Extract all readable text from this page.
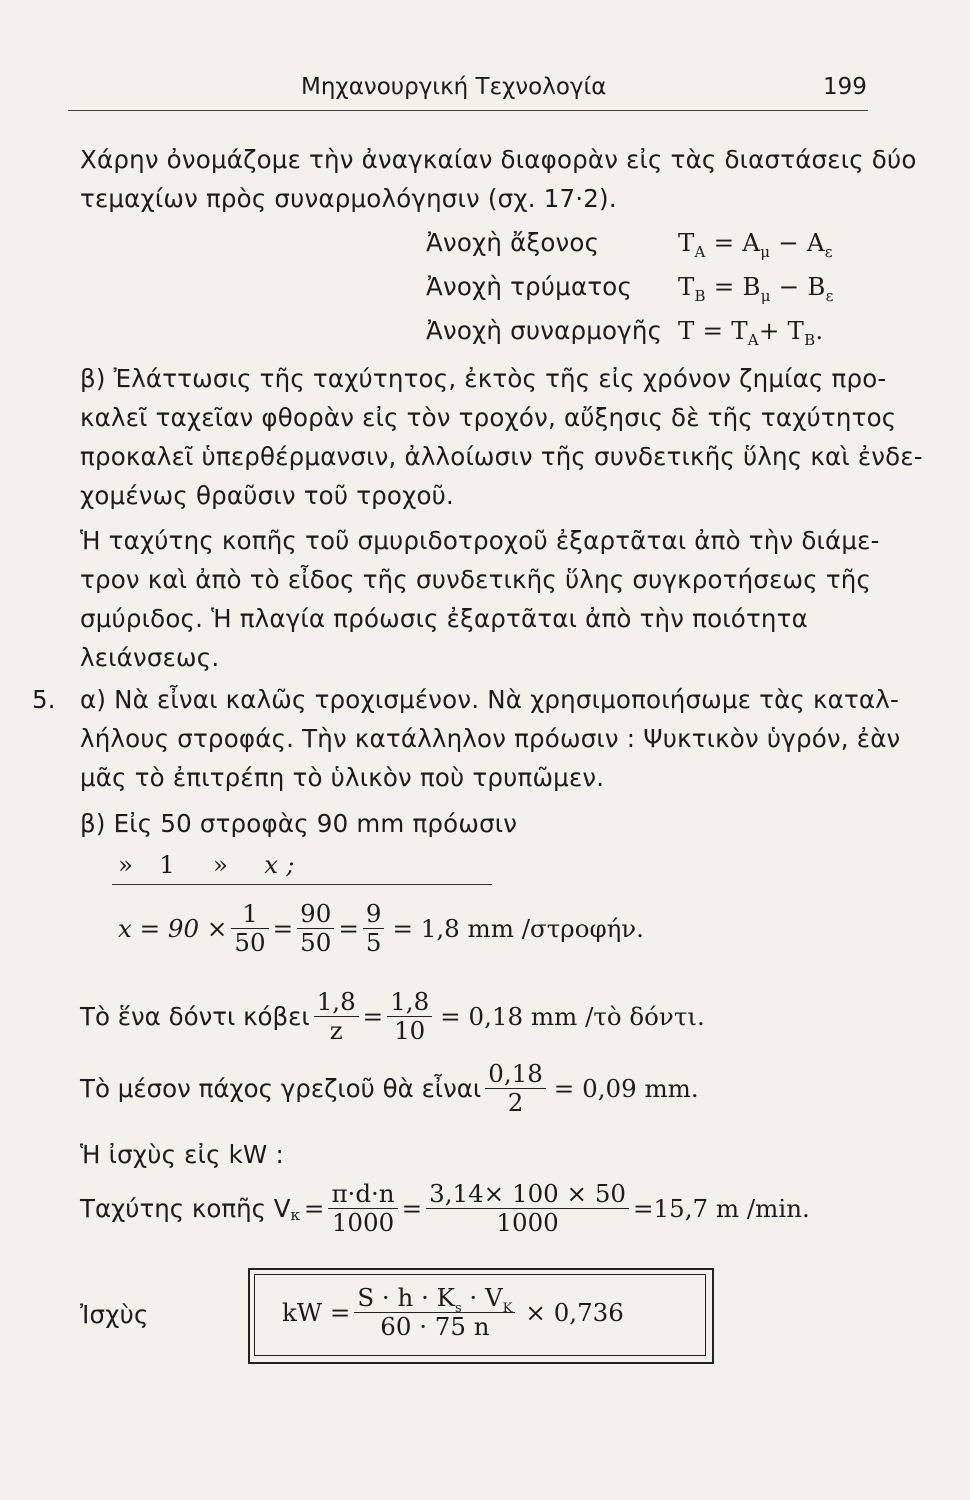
Μηχανουργική Τεχνολογία	199
Χάρην ὀνομάζομε τὴν ἀναγκαίαν διαφορὰν εἰς τὰς διαστάσεις δύο
τεμαχίων πρὸς συναρμολόγησιν (σχ. 17·2).
Ἀνοχὴ ἄξονος	$T_A = A_\mu - A_\varepsilon$
Ἀνοχὴ τρύματος $T_B = B_\mu - B_\varepsilon$
Ἀνοχὴ συναρμογῆς $T = T_A+ T_B$.
β) Ἐλάττωσις τῆς ταχύτητος, ἐκτὸς τῆς εἰς χρόνον ζημίας προ-
καλεῖ ταχεῖαν φθορὰν εἰς τὸν τροχόν, αὔξησις δὲ τῆς ταχύτητος
προκαλεῖ ὑπερθέρμανσιν, ἀλλοίωσιν τῆς συνδετικῆς ὕλης καὶ ἐνδε-
χομένως θραῦσιν τοῦ τροχοῦ.
Ἡ ταχύτης κοπῆς τοῦ σμυριδοτροχοῦ ἐξαρτᾶται ἀπὸ τὴν διάμε-
τρον καὶ ἀπὸ τὸ εἶδος τῆς συνδετικῆς ὕλης συγκροτήσεως τῆς
σμύριδος. Ἡ πλαγία πρόωσις ἐξαρτᾶται ἀπὸ τὴν ποιότητα
λειάνσεως.
5. α) Νὰ εἶναι καλῶς τροχισμένον. Νὰ χρησιμοποιήσωμε τὰς καταλ-
λήλους στροφάς. Τὴν κατάλληλον πρόωσιν : Ψυκτικὸν ὑγρόν, ἐὰν
μᾶς τὸ ἐπιτρέπη τὸ ὑλικὸν ποὺ τρυπῶμεν.
β) Εἰς 50 στροφὰς 90 mm πρόωσιν
» 1 » x ;
$x = 90 \times \frac{1}{50} = \frac{90}{50} = \frac{9}{5} = 1,8$ mm /στροφήν.
Τὸ ἕνα δόντι κόβει $\frac{1,8}{z} = \frac{1,8}{10} = 0,18$ mm /τὸ δόντι.
Τὸ μέσον πάχος γρεζιοῦ θὰ εἶναι $\frac{0,18}{2} = 0,09$ mm.
Ἡ ἰσχὺς εἰς kW :
Ταχύτης κοπῆς V $\kappa = \frac{\pi\cdot d\cdot n}{1000} = \frac{3,14\times 100 \times 50}{1000} =15,7$ m /min.
Ἰσχὺς	kW = $\frac{S \cdot h \cdot K_s \cdot V_K}{60 \cdot 75 n} \times 0,736$
